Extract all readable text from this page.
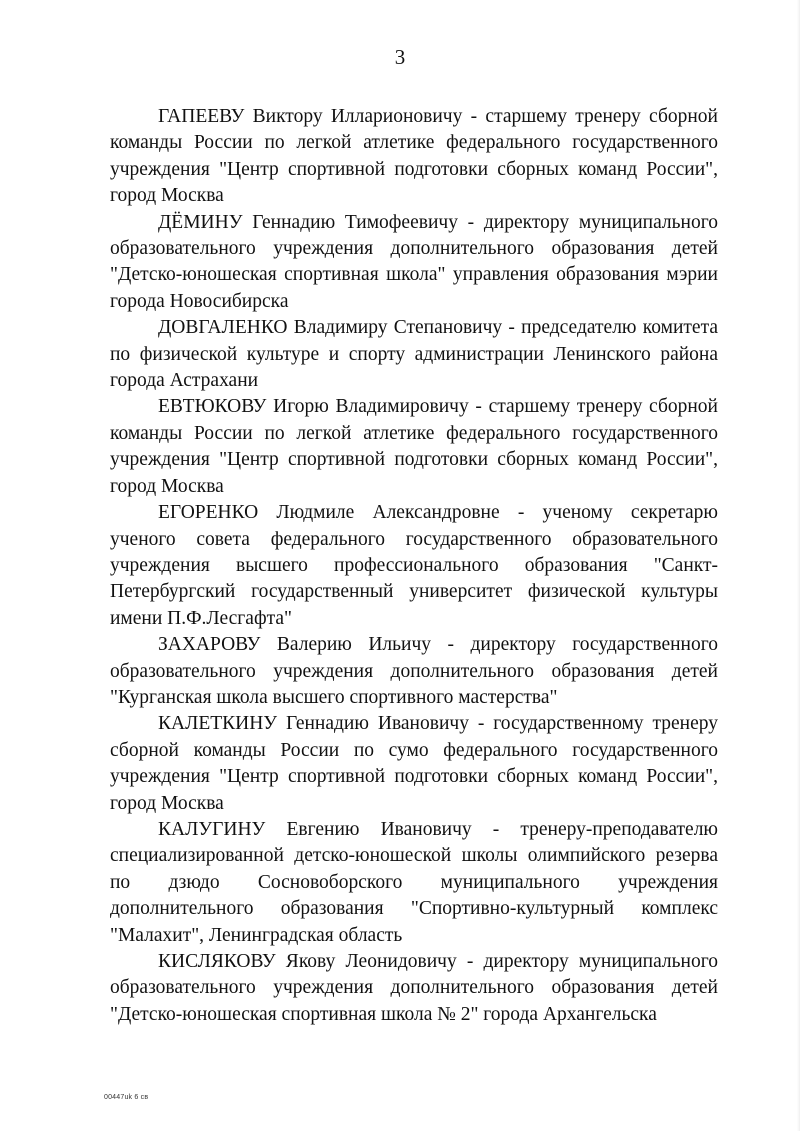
3

ГАПЕЕВУ Виктору Илларионовичу - старшему тренеру сборной команды России по легкой атлетике федерального государственного учреждения "Центр спортивной подготовки сборных команд России", город Москва

ДЁМИНУ Геннадию Тимофеевичу - директору муниципального образовательного учреждения дополнительного образования детей "Детско-юношеская спортивная школа" управления образования мэрии города Новосибирска

ДОВГАЛЕНКО Владимиру Степановичу - председателю комитета по физической культуре и спорту администрации Ленинского района города Астрахани

ЕВТЮКОВУ Игорю Владимировичу - старшему тренеру сборной команды России по легкой атлетике федерального государственного учреждения "Центр спортивной подготовки сборных команд России", город Москва

ЕГОРЕНКО Людмиле Александровне - ученому секретарю ученого совета федерального государственного образовательного учреждения высшего профессионального образования "Санкт-Петербургский государственный университет физической культуры имени П.Ф.Лесгафта"

ЗАХАРОВУ Валерию Ильичу - директору государственного образовательного учреждения дополнительного образования детей "Курганская школа высшего спортивного мастерства"

КАЛЕТКИНУ Геннадию Ивановичу - государственному тренеру сборной команды России по сумо федерального государственного учреждения "Центр спортивной подготовки сборных команд России", город Москва

КАЛУГИНУ Евгению Ивановичу - тренеру-преподавателю специализированной детско-юношеской школы олимпийского резерва по дзюдо Сосновоборского муниципального учреждения дополнительного образования "Спортивно-культурный комплекс "Малахит", Ленинградская область

КИСЛЯКОВУ Якову Леонидовичу - директору муниципального образовательного учреждения дополнительного образования детей "Детско-юношеская спортивная школа № 2" города Архангельска

00447uk 6 св
